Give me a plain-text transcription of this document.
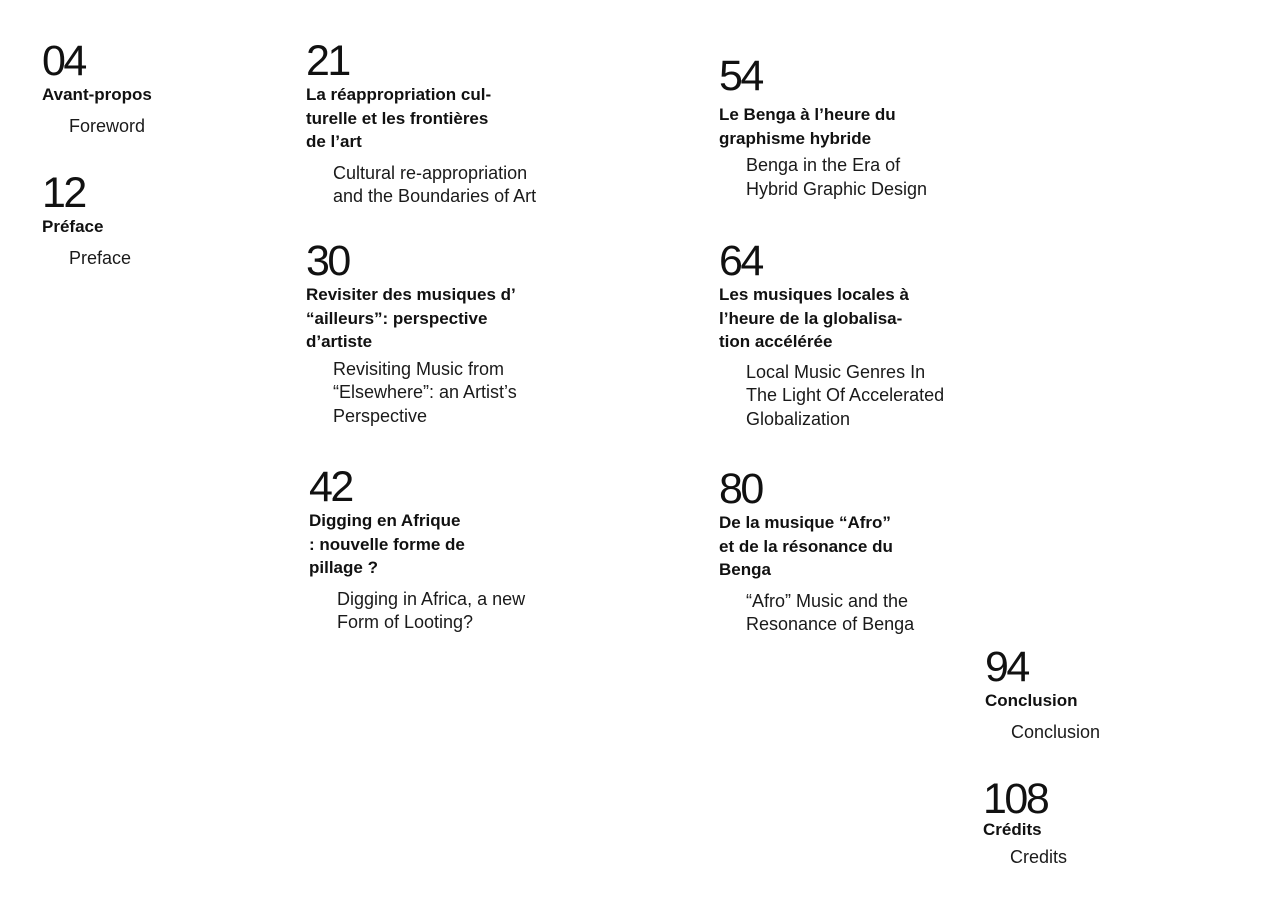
04
Avant-propos
Foreword
12
Préface
Preface
21
La réappropriation cul-
turelle et les frontières
de l’art
Cultural re-appropriation
and the Boundaries of Art
30
Revisiter des musiques d’
“ailleurs”: perspective
d’artiste
Revisiting Music from
“Elsewhere”: an Artist’s
Perspective
42
Digging en Afrique
: nouvelle forme de
pillage ?
Digging in Africa, a new
Form of Looting?
54
Le Benga à l’heure du
graphisme hybride
Benga in the Era of
Hybrid Graphic Design
64
Les musiques locales à
l’heure de la globalisa-
tion accélérée
Local Music Genres In
The Light Of Accelerated
Globalization
80
De la musique “Afro”
et de la résonance du
Benga
“Afro” Music and the
Resonance of Benga
94
Conclusion
Conclusion
108
Crédits
Credits
